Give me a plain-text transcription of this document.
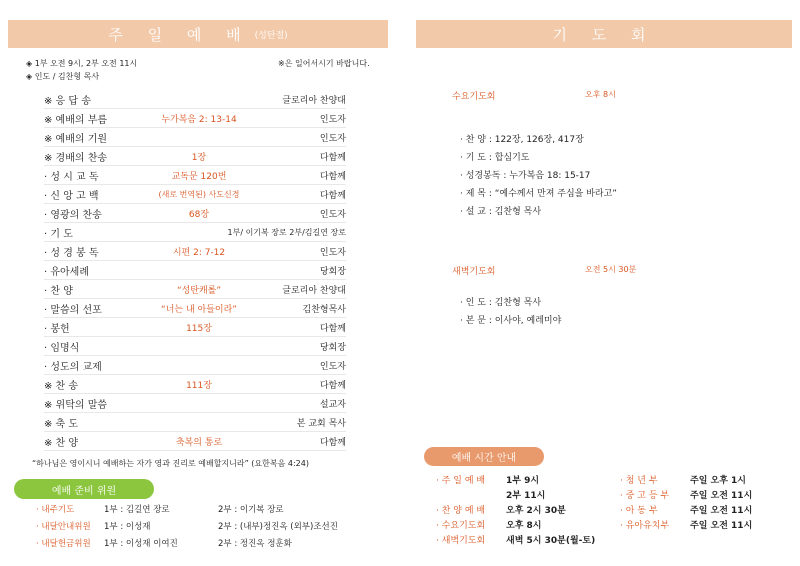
주 일 예 배 (성탄절)
◈ 1부 오전 9시, 2부 오전 11시	※은 일어서시기 바랍니다.
◈ 인도 / 김찬형 목사
※ 응 답 송	글로리아 찬양대
※ 예배의 부름	누가복음 2: 13-14	인도자
※ 예배의 기원	인도자
※ 경배의 찬송	1장	다함께
· 성 시 교 독	교독문 120번	다함께
· 신 앙 고 백	(새로 번역된) 사도신경	다함께
· 영광의 찬송	68장	인도자
· 기 도	1부/ 이기복 장로 2부/김길연 장로
· 성 경 봉 독	시편 2: 7-12	인도자
· 유아세례	당회장
· 찬 양	“성탄캐롤”	글로리아 찬양대
· 말씀의 선포	“너는 내 아들이라”	김찬형목사
· 봉헌	115장	다함께
· 임명식	당회장
· 성도의 교제	인도자
※ 찬 송	111장	다함께
※ 위탁의 말씀	설교자
※ 축 도	본 교회 목사
※ 찬 양	축복의 통로	다함께
“하나님은 영이시니 예배하는 자가 영과 진리로 예배할지니라” (요한복음 4:24)
예배 준비 위원
· 내주기도	1부 : 김길연 장로	2부 : 이기복 장로
· 내달안내위원 1부 : 이성재	2부 : (내부)정진옥 (외부)조선진
· 내달헌금위원 1부 : 이성재 이여진	2부 : 정진옥 정훈화
기 도 회
수요기도회	오후 8시
· 찬 양 : 122장, 126장, 417장
· 기 도 : 합심기도
· 성경봉독 : 누가복음 18: 15-17
· 제 목 : “예수께서 만져 주심을 바라고”
· 설 교 : 김찬형 목사
새벽기도회	오전 5시 30분
· 인 도 : 김찬형 목사
· 본 문 : 이사야, 예레미야
예배 시간 안내
· 주 일 예 배	1부 9시
2부 11시
· 찬 양 예 배	오후 2시 30분
· 수요기도회	오후 8시
· 새벽기도회	새벽 5시 30분(월-토)
· 청 년 부	주일 오후 1시
· 중 고 등 부	주일 오전 11시
· 아 동 부	주일 오전 11시
· 유아유치부	주일 오전 11시
